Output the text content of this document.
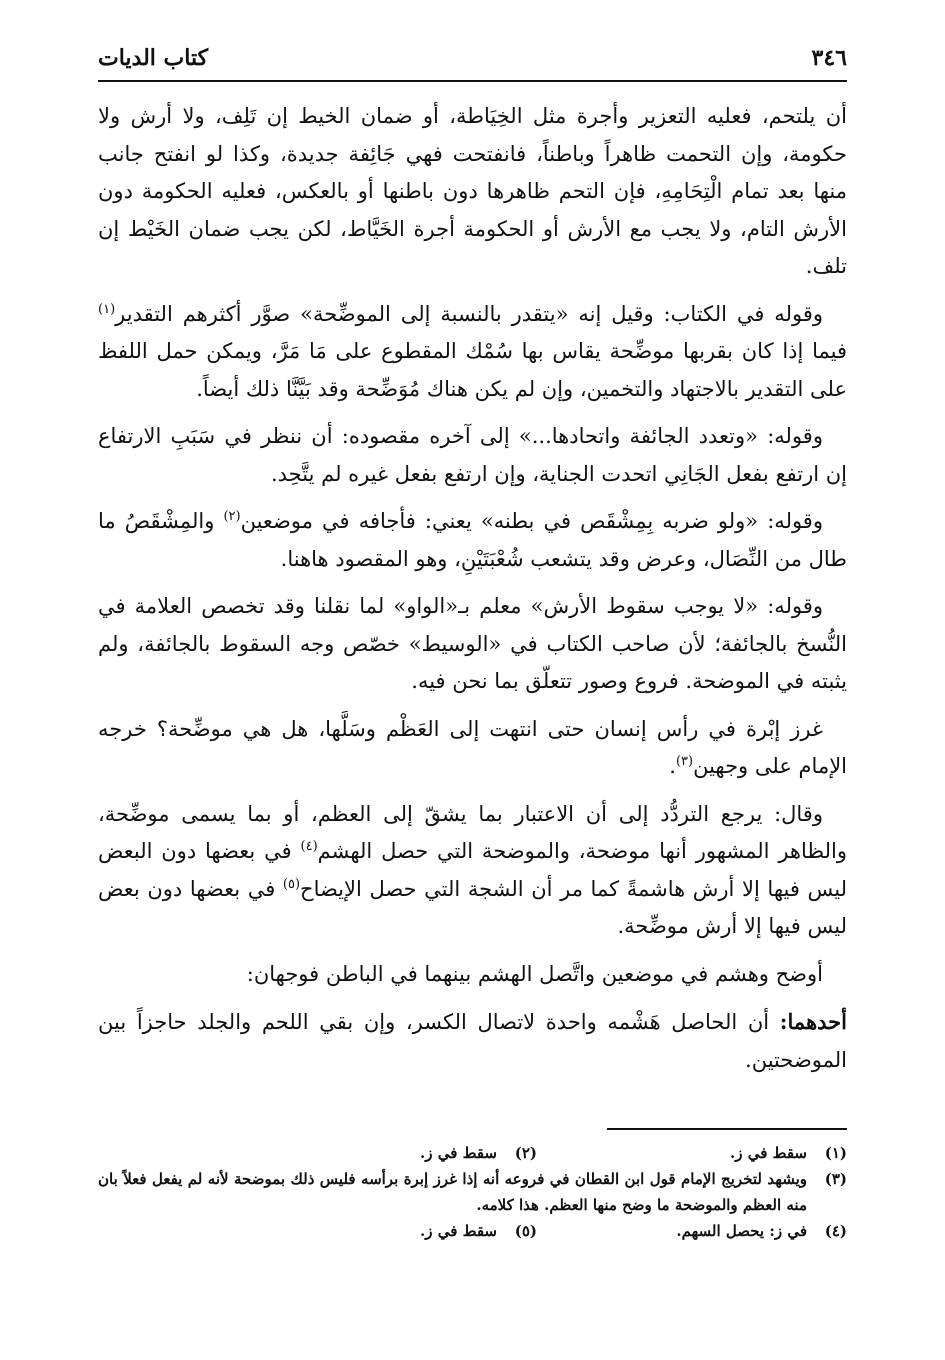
٣٤٦
كتاب الديات

أن يلتحم، فعليه التعزير وأجرة مثل الخِيَاطة، أو ضمان الخيط إن تَلِف، ولا أرش ولا حكومة، وإن التحمت ظاهراً وباطناً، فانفتحت فهي جَائِفة جديدة، وكذا لو انفتح جانب منها بعد تمام الْتِحَامِهِ، فإن التحم ظاهرها دون باطنها أو بالعكس، فعليه الحكومة دون الأرش التام، ولا يجب مع الأرش أو الحكومة أجرة الخَيَّاط، لكن يجب ضمان الخَيْط إن تلف.

وقوله في الكتاب: وقيل إنه «يتقدر بالنسبة إلى الموضِّحة» صوَّر أكثرهم التقدير$^{(١)}$ فيما إذا كان بقربها موضِّحة يقاس بها سُمْك المقطوع على مَا مَرَّ، ويمكن حمل اللفظ على التقدير بالاجتهاد والتخمين، وإن لم يكن هناك مُوَضِّحة وقد بَيَّنَّا ذلك أيضاً.

وقوله: «وتعدد الجائفة واتحادها...» إلى آخره مقصوده: أن ننظر في سَبَبِ الارتفاع إن ارتفع بفعل الجَانِي اتحدت الجناية، وإن ارتفع بفعل غيره لم يتَّحِد.

وقوله: «ولو ضربه بِمِشْقَص في بطنه» يعني: فأجافه في موضعين$^{(٢)}$ والمِشْقَصُ ما طال من النِّصَال، وعرض وقد يتشعب شُعْبَتَيْنِ، وهو المقصود هاهنا.

وقوله: «لا يوجب سقوط الأرش» معلم بـ«الواو» لما نقلنا وقد تخصص العلامة في النُّسخ بالجائفة؛ لأن صاحب الكتاب في «الوسيط» خصّص وجه السقوط بالجائفة، ولم يثبته في الموضحة. فروع وصور تتعلّق بما نحن فيه.

غرز إبْرة في رأس إنسان حتى انتهت إلى العَظْم وسَلَّها، هل هي موضِّحة؟ خرجه الإمام على وجهين$^{(٣)}$.

وقال: يرجع التردُّد إلى أن الاعتبار بما يشقّ إلى العظم، أو بما يسمى موضِّحة، والظاهر المشهور أنها موضحة، والموضحة التي حصل الهشم$^{(٤)}$ في بعضها دون البعض ليس فيها إلا أرش هاشمةً كما مر أن الشجة التي حصل الإيضاح$^{(٥)}$ في بعضها دون بعض ليس فيها إلا أرش موضِّحة.

أوضح وهشم في موضعين واتَّصل الهشم بينهما في الباطن فوجهان:

أحدهما: أن الحاصل هَشْمه واحدة لاتصال الكسر، وإن بقي اللحم والجلد حاجزاً بين الموضحتين.

(١)
سقط في ز.
(٢)
سقط في ز.
(٣)
ويشهد لتخريج الإمام قول ابن القطان في فروعه أنه إذا غرز إبرة برأسه فليس ذلك بموضحة لأنه لم يفعل فعلاً بان منه العظم والموضحة ما وضح منها العظم. هذا كلامه.
(٤)
في ز: يحصل السهم.
(٥)
سقط في ز.
